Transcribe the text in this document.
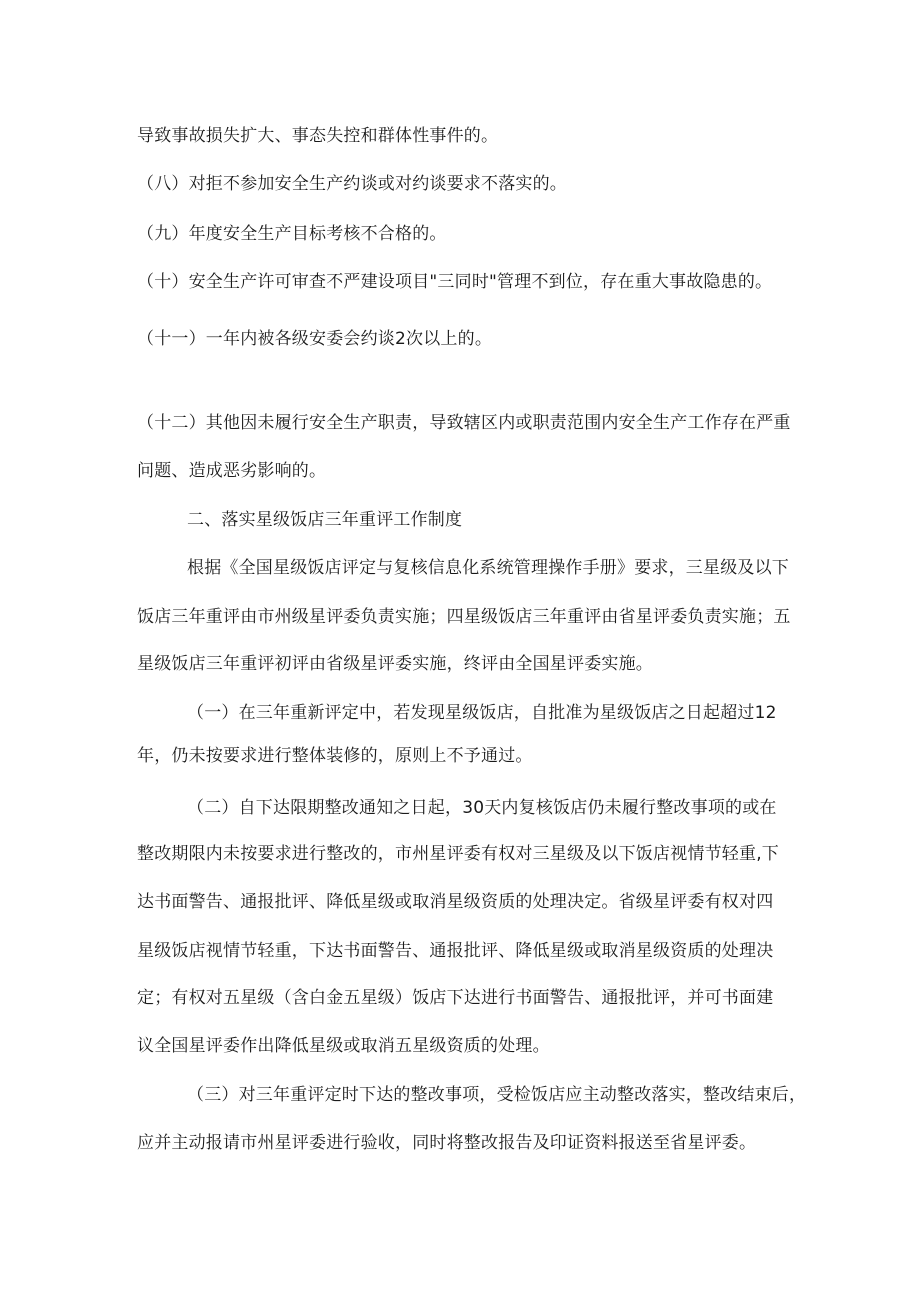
导致事故损失扩大、事态失控和群体性事件的。
（八）对拒不参加安全生产约谈或对约谈要求不落实的。
（九）年度安全生产目标考核不合格的。
（十）安全生产许可审查不严建设项目"三同时"管理不到位，存在重大事故隐患的。
（十一）一年内被各级安委会约谈2次以上的。
（十二）其他因未履行安全生产职责，导致辖区内或职责范围内安全生产工作存在严重
问题、造成恶劣影响的。
二、落实星级饭店三年重评工作制度
根据《全国星级饭店评定与复核信息化系统管理操作手册》要求，三星级及以下
饭店三年重评由市州级星评委负责实施；四星级饭店三年重评由省星评委负责实施；五
星级饭店三年重评初评由省级星评委实施，终评由全国星评委实施。
（一）在三年重新评定中，若发现星级饭店，自批准为星级饭店之日起超过12
年，仍未按要求进行整体装修的，原则上不予通过。
（二）自下达限期整改通知之日起，30天内复核饭店仍未履行整改事项的或在
整改期限内未按要求进行整改的，市州星评委有权对三星级及以下饭店视情节轻重,下
达书面警告、通报批评、降低星级或取消星级资质的处理决定。省级星评委有权对四
星级饭店视情节轻重，下达书面警告、通报批评、降低星级或取消星级资质的处理决
定；有权对五星级（含白金五星级）饭店下达进行书面警告、通报批评，并可书面建
议全国星评委作出降低星级或取消五星级资质的处理。
（三）对三年重评定时下达的整改事项，受检饭店应主动整改落实，整改结束后，
应并主动报请市州星评委进行验收，同时将整改报告及印证资料报送至省星评委。
